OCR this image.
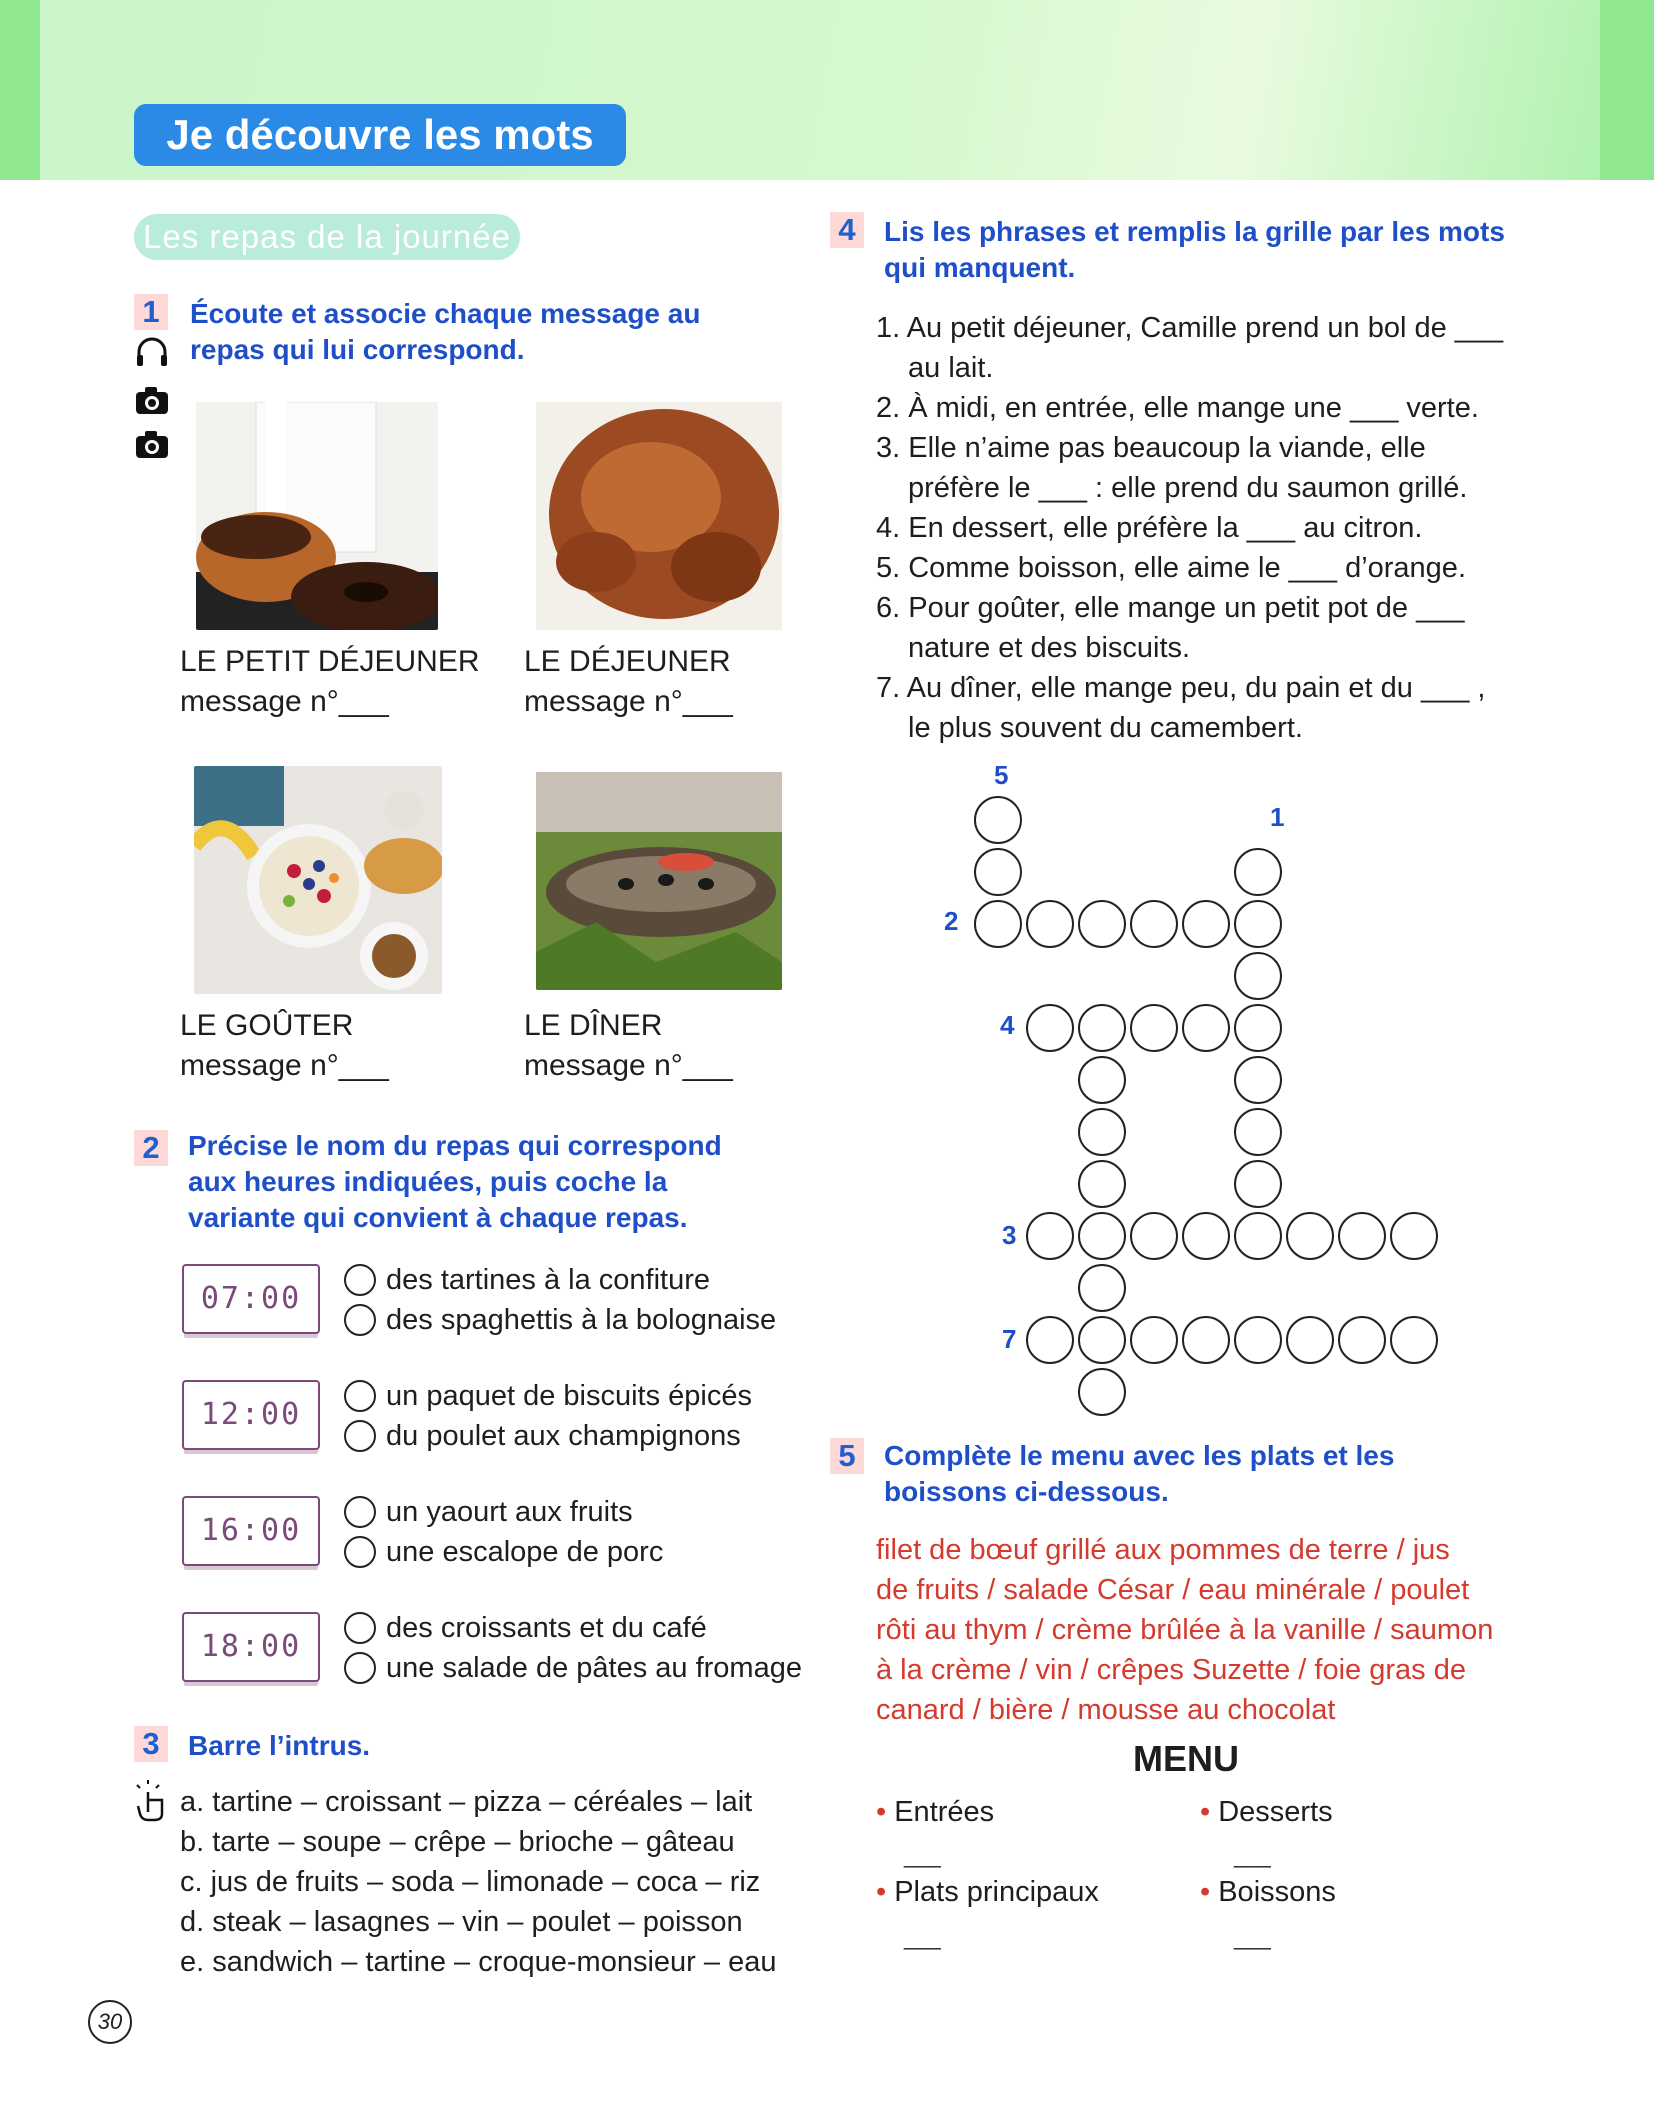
Je découvre les mots
Les repas de la journée
1 Écoute et associe chaque message au repas qui lui correspond.
LE PETIT DÉJEUNER
message n°___
LE DÉJEUNER
message n°___
LE GOÛTER
message n°___
LE DÎNER
message n°___
2 Précise le nom du repas qui correspond aux heures indiquées, puis coche la variante qui convient à chaque repas.
07:00
des tartines à la confiture
des spaghettis à la bolognaise
12:00
un paquet de biscuits épicés
du poulet aux champignons
16:00
un yaourt aux fruits
une escalope de porc
18:00
des croissants et du café
une salade de pâtes au fromage
3 Barre l’intrus.
a. tartine – croissant – pizza – céréales – lait
b. tarte – soupe – crêpe – brioche – gâteau
c. jus de fruits – soda – limonade – coca – riz
d. steak – lasagnes – vin – poulet – poisson
e. sandwich – tartine – croque-monsieur – eau
4 Lis les phrases et remplis la grille par les mots qui manquent.
1. Au petit déjeuner, Camille prend un bol de ___
au lait.
2. À midi, en entrée, elle mange une ___ verte.
3. Elle n’aime pas beaucoup la viande, elle
préfère le ___ : elle prend du saumon grillé.
4. En dessert, elle préfère la ___ au citron.
5. Comme boisson, elle aime le ___ d’orange.
6. Pour goûter, elle mange un petit pot de ___
nature et des biscuits.
7. Au dîner, elle mange peu, du pain et du ___ ,
le plus souvent du camembert.
5
1
2
4
3
7
5 Complète le menu avec les plats et les boissons ci-dessous.
filet de bœuf grillé aux pommes de terre / jus
de fruits / salade César / eau minérale / poulet
rôti au thym / crème brûlée à la vanille / saumon
à la crème / vin / crêpes Suzette / foie gras de
canard / bière / mousse au chocolat
MENU
• Entrées
___
• Desserts
___
• Plats principaux
___
• Boissons
___
30
